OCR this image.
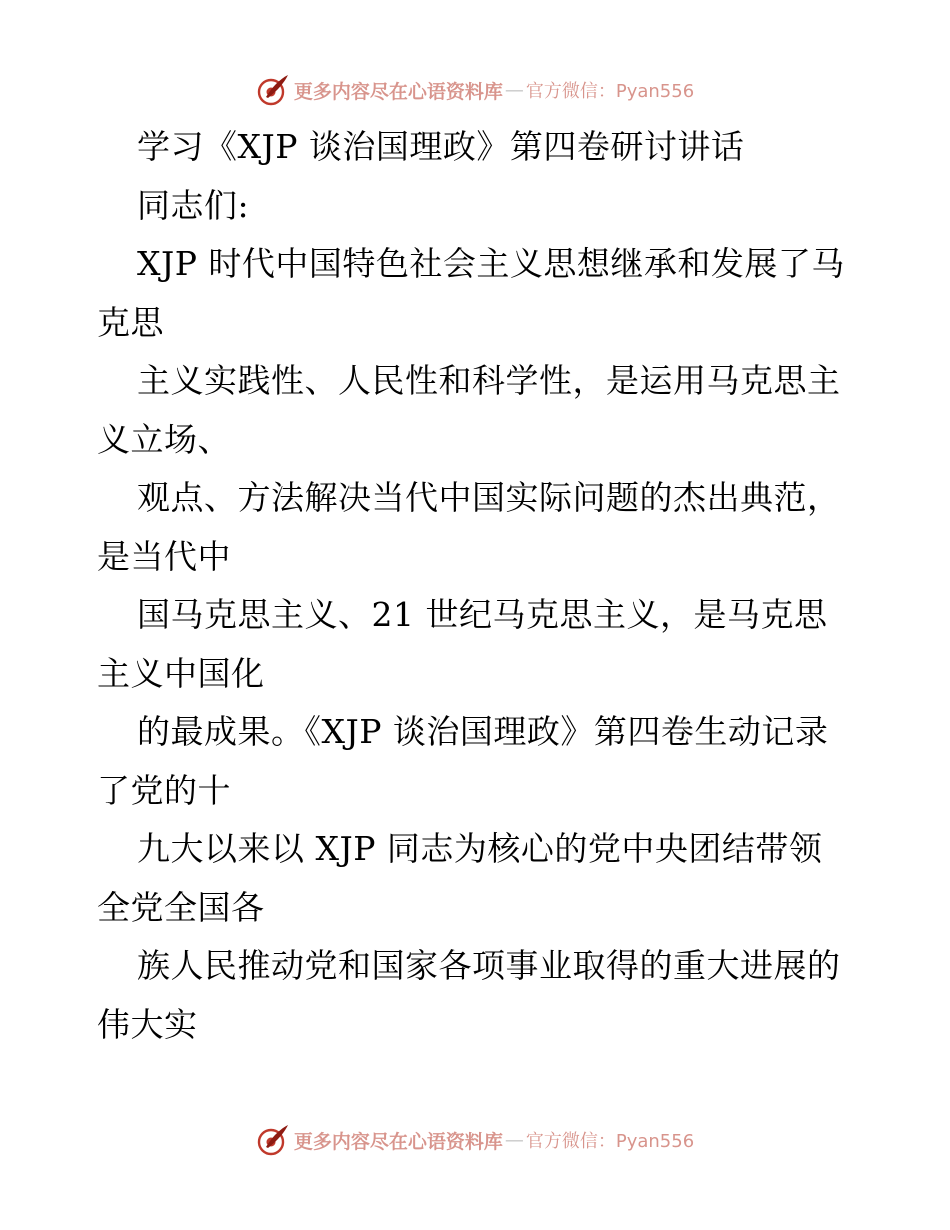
更多内容尽在心语资料库 — 官方微信：Pyan556
学习《XJP 谈治国理政》第四卷研讨讲话
同志们:
XJP 时代中国特色社会主义思想继承和发展了马
克思
主义实践性、人民性和科学性，是运用马克思主
义立场、
观点、方法解决当代中国实际问题的杰出典范，
是当代中
国马克思主义、21 世纪马克思主义，是马克思
主义中国化
的最成果。《XJP 谈治国理政》第四卷生动记录
了党的十
九大以来以 XJP 同志为核心的党中央团结带领
全党全国各
族人民推动党和国家各项事业取得的重大进展的
伟大实
更多内容尽在心语资料库 — 官方微信：Pyan556
